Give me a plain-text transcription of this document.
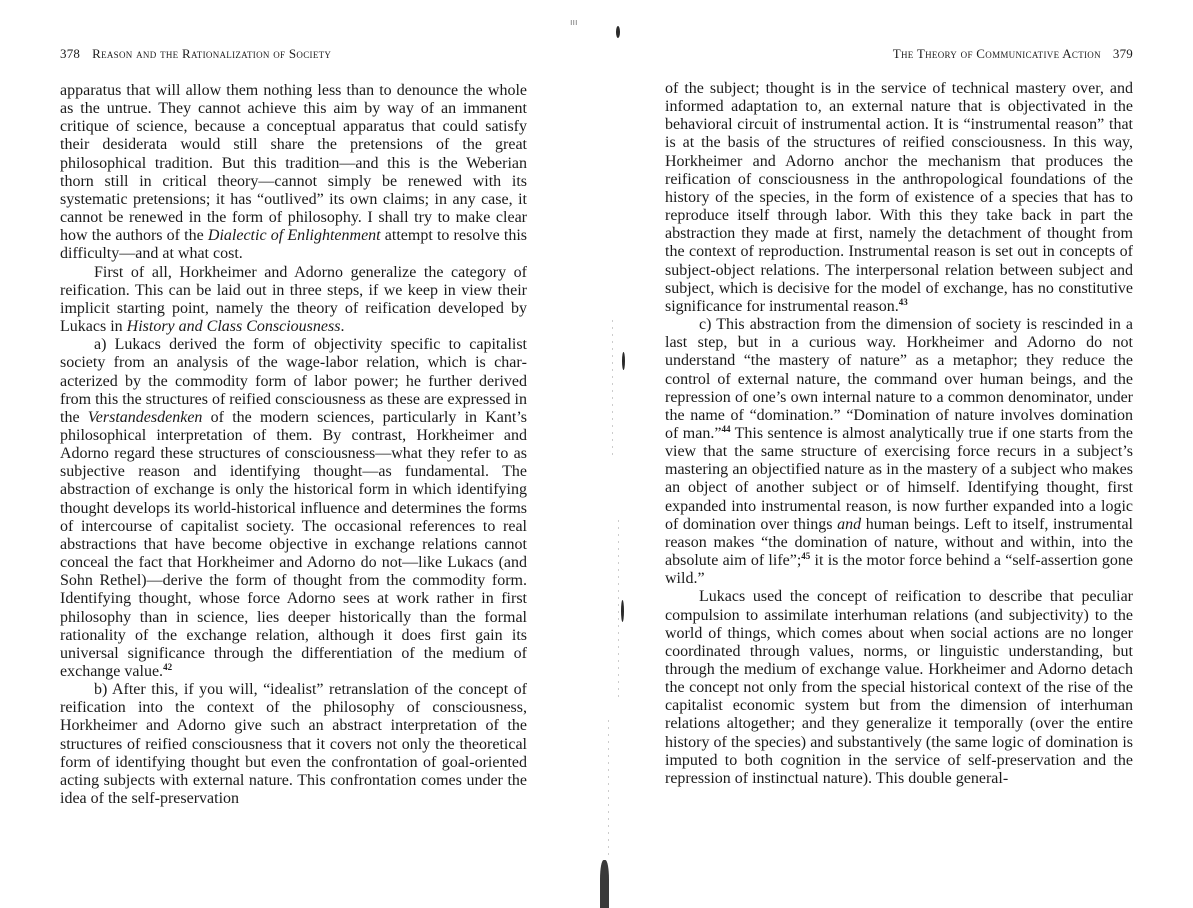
378 Reason and the Rationalization of Society

apparatus that will allow them nothing less than to denounce the whole as the untrue. They cannot achieve this aim by way of an immanent critique of science, because a conceptual apparatus that could satisfy their desiderata would still share the pretensions of the great philosophical tradition. But this tradition—and this is the Weberian thorn still in critical theory—cannot simply be renewed with its systematic pretensions; it has “outlived” its own claims; in any case, it cannot be renewed in the form of philosophy. I shall try to make clear how the authors of the Dialectic of Enlightenment attempt to resolve this difficulty—and at what cost.

First of all, Horkheimer and Adorno generalize the category of reification. This can be laid out in three steps, if we keep in view their implicit starting point, namely the theory of reification developed by Lukacs in History and Class Consciousness.

a) Lukacs derived the form of objectivity specific to capitalist society from an analysis of the wage-labor relation, which is characterized by the commodity form of labor power; he further derived from this the structures of reified consciousness as these are expressed in the Verstandesdenken of the modern sciences, particularly in Kant’s philosophical interpretation of them. By contrast, Horkheimer and Adorno regard these structures of consciousness—what they refer to as subjective reason and identifying thought—as fundamental. The abstraction of exchange is only the historical form in which identifying thought develops its world-historical influence and determines the forms of intercourse of capitalist society. The occasional references to real abstractions that have become objective in exchange relations cannot conceal the fact that Horkheimer and Adorno do not—like Lukacs (and Sohn Rethel)—derive the form of thought from the commodity form. Identifying thought, whose force Adorno sees at work rather in first philosophy than in science, lies deeper historically than the formal rationality of the exchange relation, although it does first gain its universal significance through the differentiation of the medium of exchange value.$^{42}$

b) After this, if you will, “idealist” retranslation of the concept of reification into the context of the philosophy of consciousness, Horkheimer and Adorno give such an abstract interpretation of the structures of reified consciousness that it covers not only the theoretical form of identifying thought but even the confrontation of goal-oriented acting subjects with external nature. This confrontation comes under the idea of the self-preservation

ııı
The Theory of Communicative Action 379

of the subject; thought is in the service of technical mastery over, and informed adaptation to, an external nature that is objectivated in the behavioral circuit of instrumental action. It is “instrumental reason” that is at the basis of the structures of reified consciousness. In this way, Horkheimer and Adorno anchor the mechanism that produces the reification of consciousness in the anthropological foundations of the history of the species, in the form of existence of a species that has to reproduce itself through labor. With this they take back in part the abstraction they made at first, namely the detachment of thought from the context of reproduction. Instrumental reason is set out in concepts of subject-object relations. The interpersonal relation between subject and subject, which is decisive for the model of exchange, has no constitutive significance for instrumental reason.$^{43}$

c) This abstraction from the dimension of society is rescinded in a last step, but in a curious way. Horkheimer and Adorno do not understand “the mastery of nature” as a metaphor; they reduce the control of external nature, the command over human beings, and the repression of one’s own internal nature to a common denominator, under the name of “domination.” “Domination of nature involves domination of man.”$^{44}$ This sentence is almost analytically true if one starts from the view that the same structure of exercising force recurs in a subject’s mastering an objectified nature as in the mastery of a subject who makes an object of another subject or of himself. Identifying thought, first expanded into instrumental reason, is now further expanded into a logic of domination over things and human beings. Left to itself, instrumental reason makes “the domination of nature, without and within, into the absolute aim of life”;$^{45}$ it is the motor force behind a “self-assertion gone wild.”

Lukacs used the concept of reification to describe that peculiar compulsion to assimilate interhuman relations (and subjectivity) to the world of things, which comes about when social actions are no longer coordinated through values, norms, or linguistic understanding, but through the medium of exchange value. Horkheimer and Adorno detach the concept not only from the special historical context of the rise of the capitalist economic system but from the dimension of interhuman relations altogether; and they generalize it temporally (over the entire history of the species) and substantively (the same logic of domination is imputed to both cognition in the service of self-preservation and the repression of instinctual nature). This double general-
